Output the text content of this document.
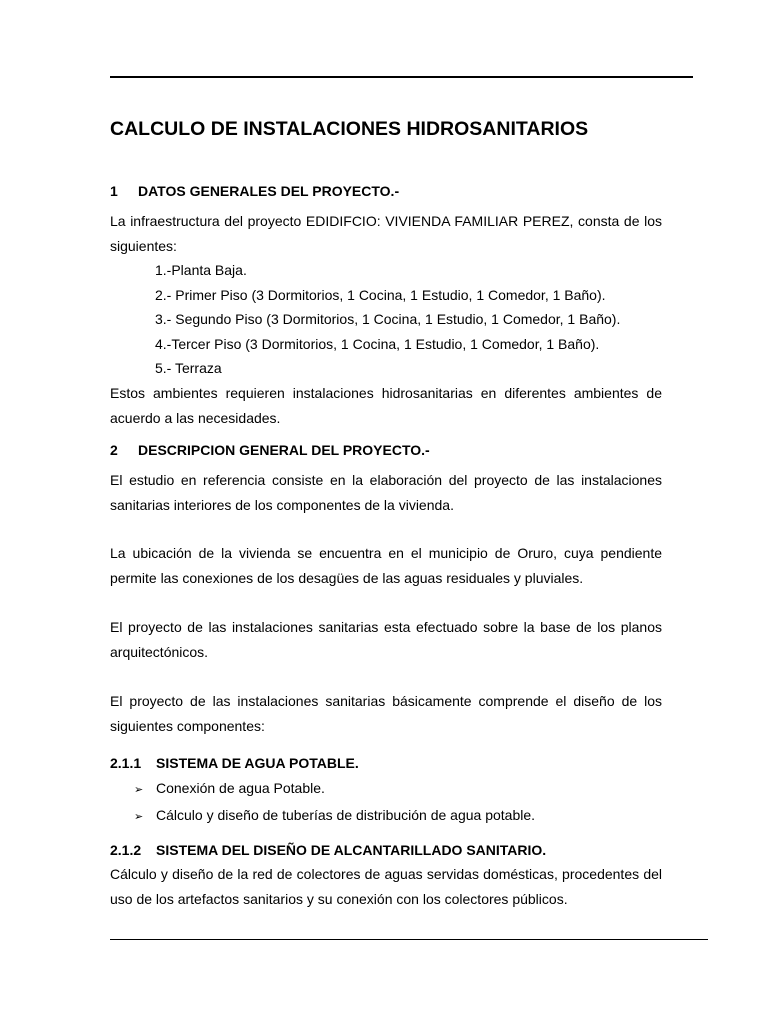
CALCULO DE INSTALACIONES HIDROSANITARIOS
1 DATOS GENERALES DEL PROYECTO.-
La infraestructura del proyecto EDIDIFCIO: VIVIENDA FAMILIAR PEREZ, consta de los
siguientes:
1.-Planta Baja.
2.- Primer Piso (3 Dormitorios, 1 Cocina, 1 Estudio, 1 Comedor, 1 Baño).
3.- Segundo Piso (3 Dormitorios, 1 Cocina, 1 Estudio, 1 Comedor, 1 Baño).
4.-Tercer Piso (3 Dormitorios, 1 Cocina, 1 Estudio, 1 Comedor, 1 Baño).
5.- Terraza
Estos ambientes requieren instalaciones hidrosanitarias en diferentes ambientes de
acuerdo a las necesidades.
2 DESCRIPCION GENERAL DEL PROYECTO.-
El estudio en referencia consiste en la elaboración del proyecto de las instalaciones
sanitarias interiores de los componentes de la vivienda.
La ubicación de la vivienda se encuentra en el municipio de Oruro, cuya pendiente
permite las conexiones de los desagües de las aguas residuales y pluviales.
El proyecto de las instalaciones sanitarias esta efectuado sobre la base de los planos
arquitectónicos.
El proyecto de las instalaciones sanitarias básicamente comprende el diseño de los
siguientes componentes:
2.1.1 SISTEMA DE AGUA POTABLE.
➢ Conexión de agua Potable.
➢ Cálculo y diseño de tuberías de distribución de agua potable.
2.1.2 SISTEMA DEL DISEÑO DE ALCANTARILLADO SANITARIO.
Cálculo y diseño de la red de colectores de aguas servidas domésticas, procedentes del
uso de los artefactos sanitarios y su conexión con los colectores públicos.
